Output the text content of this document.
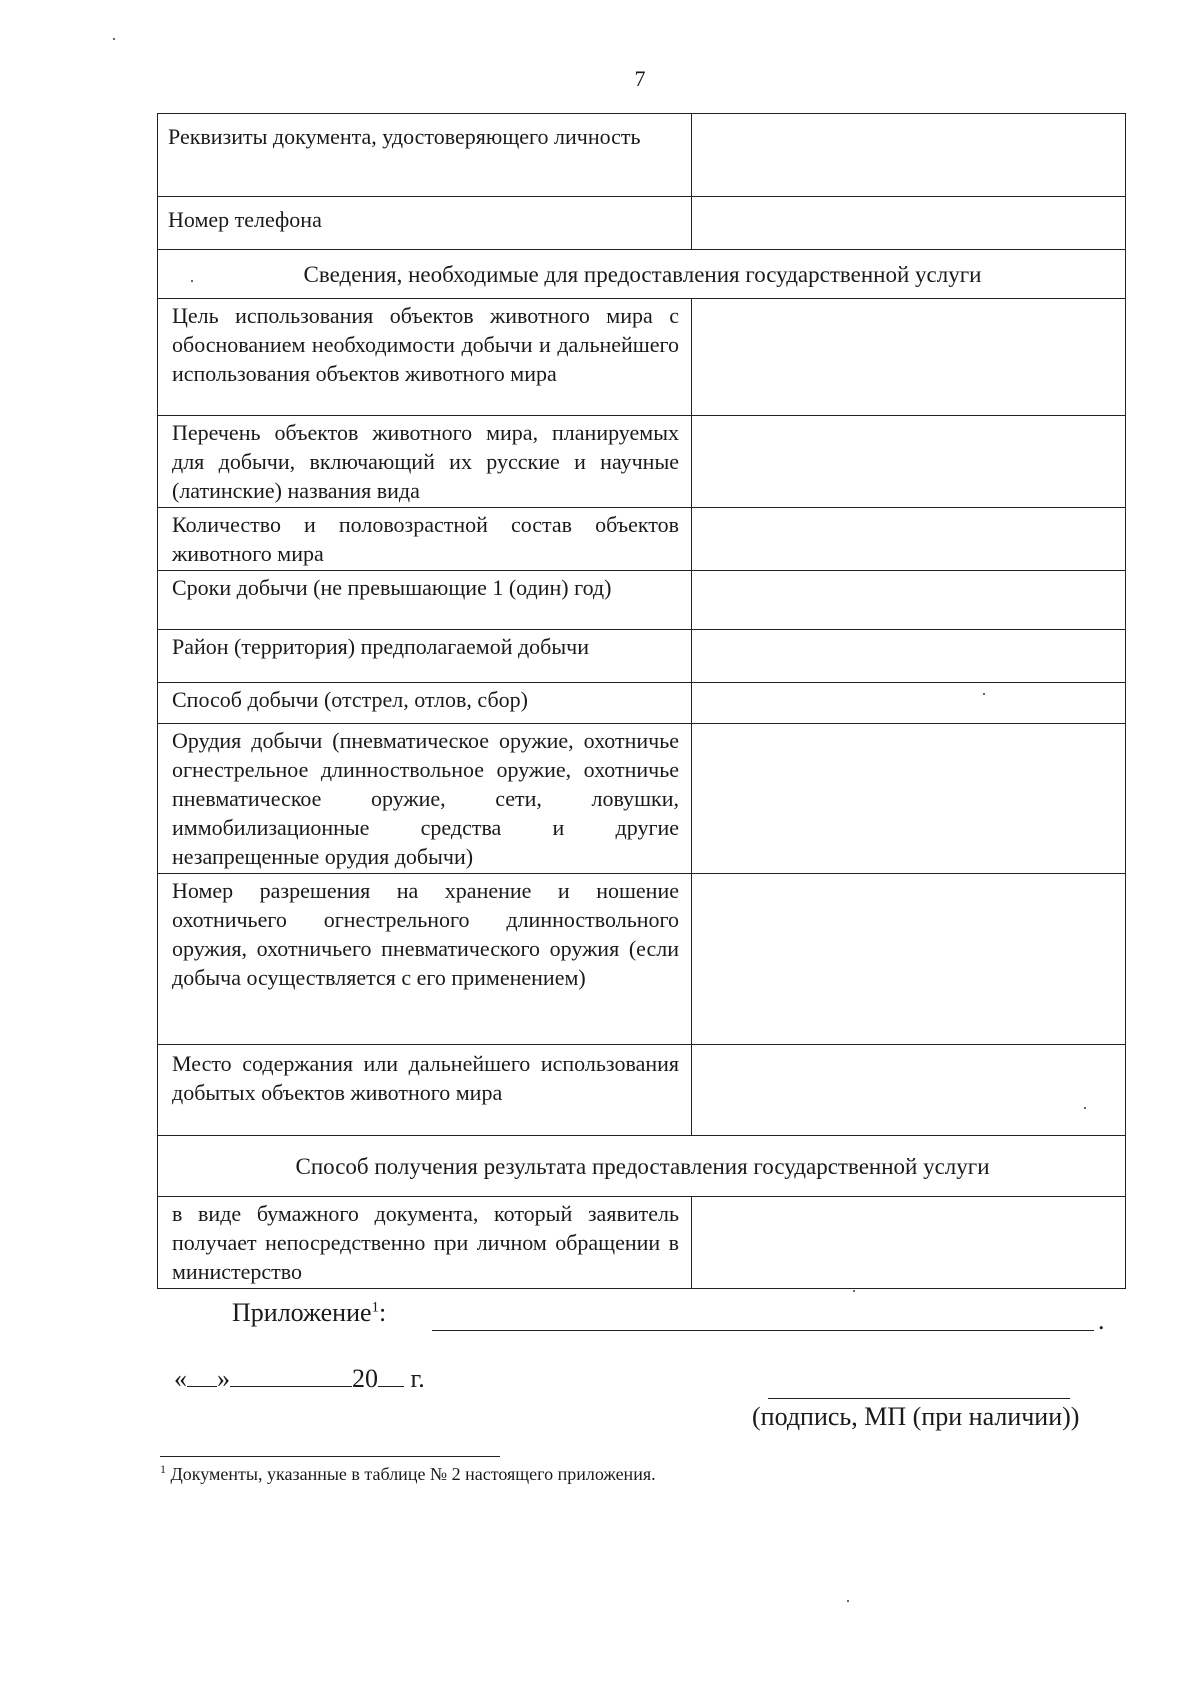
7
Реквизиты документа, удостоверяющего личность	
Номер телефона	
Сведения, необходимые для предоставления государственной услуги	
Цель использования объектов животного мира с обоснованием необходимости добычи и дальнейшего использования объектов животного мира	
Перечень объектов животного мира, планируемых для добычи, включающий их русские и научные (латинские) названия вида	
Количество и половозрастной состав объектов животного мира	
Сроки добычи (не превышающие 1 (один) год)	
Район (территория) предполагаемой добычи	
Способ добычи (отстрел, отлов, сбор)	
Орудия добычи (пневматическое оружие, охотничье огнестрельное длинноствольное оружие, охотничье пневматическое оружие, сети, ловушки, иммобилизационные средства и другие незапрещенные орудия добычи)	
Номер разрешения на хранение и ношение охотничьего огнестрельного длинноствольного оружия, охотничьего пневматического оружия (если добыча осуществляется с его применением)	
Место содержания или дальнейшего использования добытых объектов животного мира	
Способ получения результата предоставления государственной услуги	
в виде бумажного документа, который заявитель получает непосредственно при личном обращении в министерство	
Приложение$^1$:	.
« »	20 г.
(подпись, МП (при наличии))
$^1$ Документы, указанные в таблице № 2 настоящего приложения.
